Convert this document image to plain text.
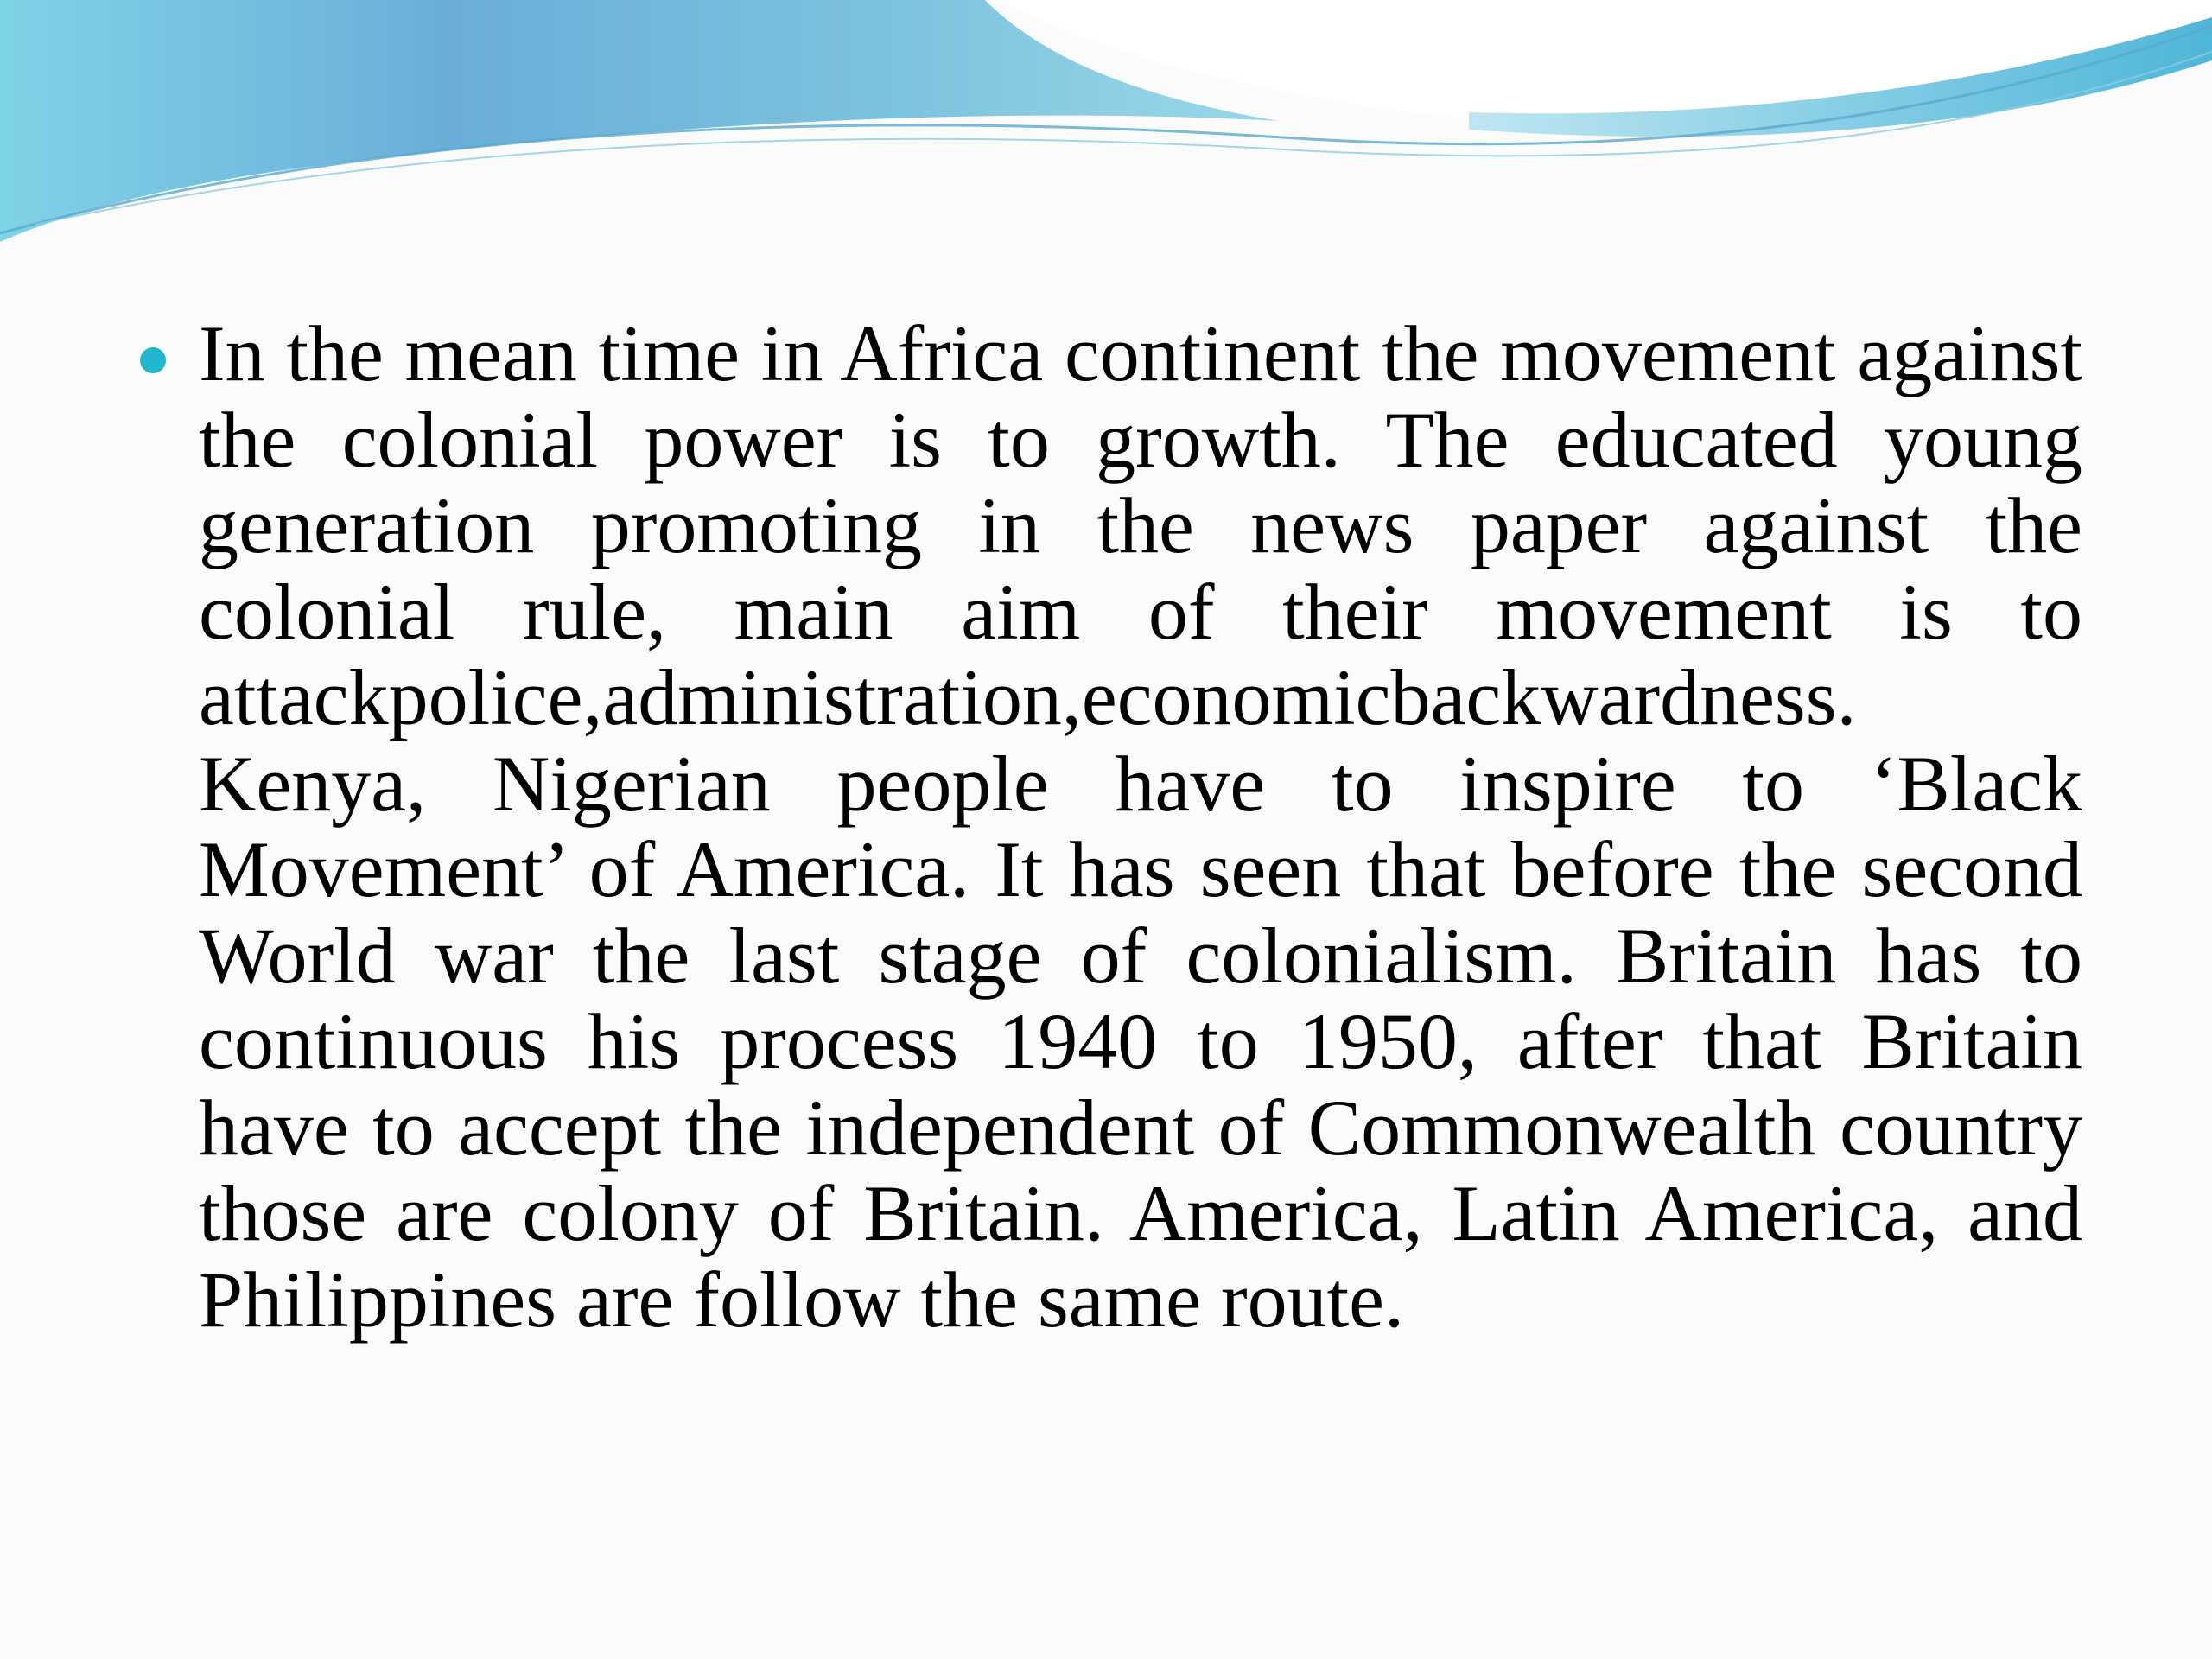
In the mean time in Africa continent the movement against the colonial power is to growth. The educated young generation promoting in the news paper against the colonial rule, main aim of their movement is to attackpolice,administration,economicbackwardness.
Kenya, Nigerian people have to inspire to ‘Black Movement’ of America. It has seen that before the second World war the last stage of colonialism. Britain has to continuous his process 1940 to 1950, after that Britain have to accept the independent of Commonwealth country those are colony of Britain. America, Latin America, and Philippines are follow the same route.
